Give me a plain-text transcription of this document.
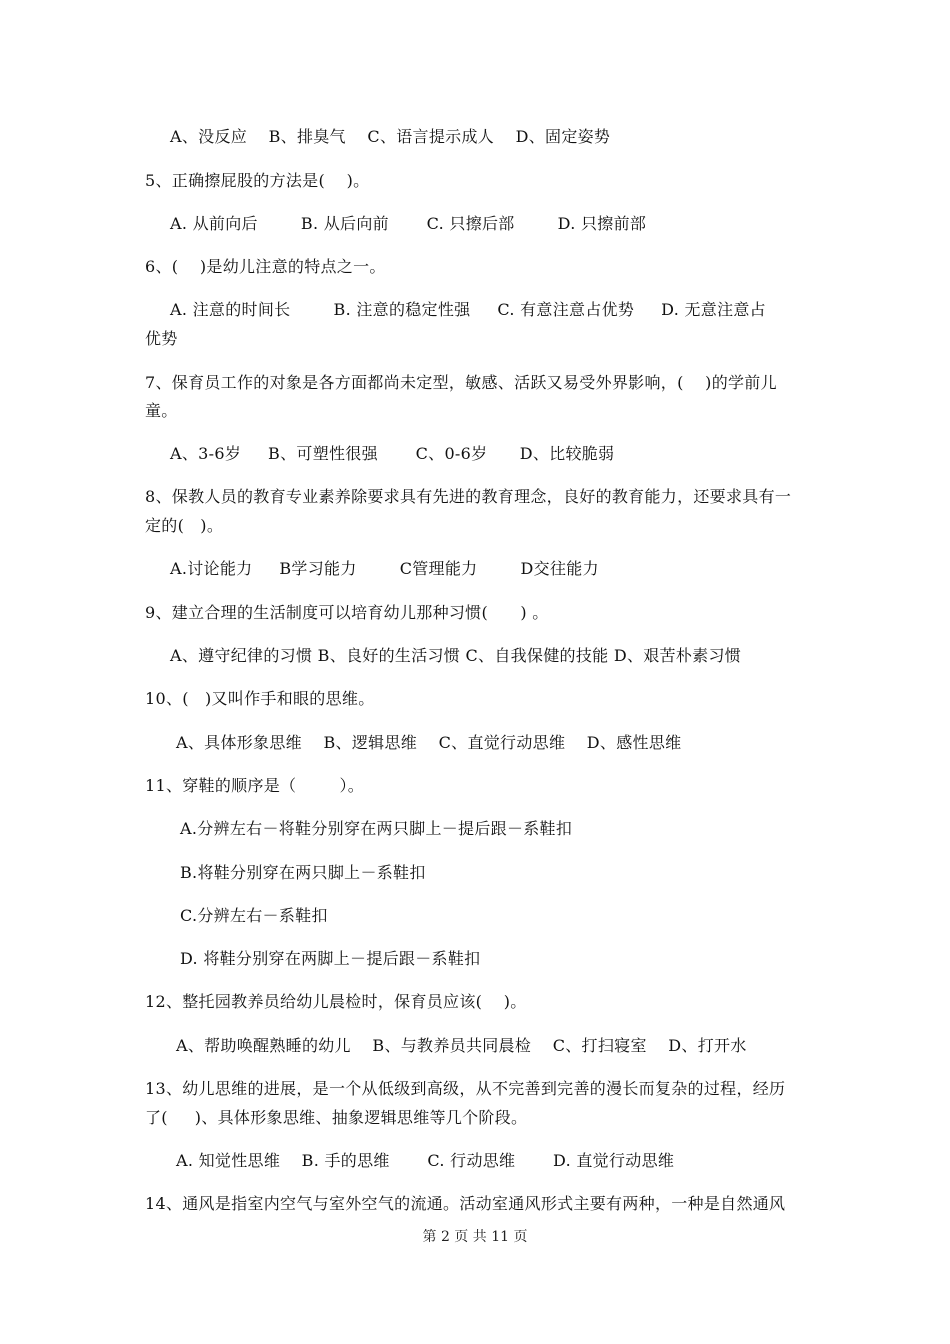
A、没反应    B、排臭气    C、语言提示成人    D、固定姿势
5、正确擦屁股的方法是(    )。
A. 从前向后        B. 从后向前       C. 只擦后部        D. 只擦前部
6、(    )是幼儿注意的特点之一。
A. 注意的时间长        B. 注意的稳定性强     C. 有意注意占优势     D. 无意注意占
优势
7、保育员工作的对象是各方面都尚未定型，敏感、活跃又易受外界影响，(    )的学前儿
童。
A、3-6岁     B、可塑性很强       C、0-6岁      D、比较脆弱
8、保教人员的教育专业素养除要求具有先进的教育理念，良好的教育能力，还要求具有一
定的(   )。
A.讨论能力     B学习能力        C管理能力        D交往能力
9、建立合理的生活制度可以培育幼儿那种习惯(      ) 。
A、遵守纪律的习惯 B、良好的生活习惯 C、自我保健的技能 D、艰苦朴素习惯
10、(   )又叫作手和眼的思维。
A、具体形象思维    B、逻辑思维    C、直觉行动思维    D、感性思维
11、穿鞋的顺序是（        ）。
A.分辨左右－将鞋分别穿在两只脚上－提后跟－系鞋扣
B.将鞋分别穿在两只脚上－系鞋扣
C.分辨左右－系鞋扣
D. 将鞋分别穿在两脚上－提后跟－系鞋扣
12、整托园教养员给幼儿晨检时，保育员应该(    )。
A、帮助唤醒熟睡的幼儿    B、与教养员共同晨检    C、打扫寝室    D、打开水
13、幼儿思维的进展，是一个从低级到高级，从不完善到完善的漫长而复杂的过程，经历
了(     )、具体形象思维、抽象逻辑思维等几个阶段。
A. 知觉性思维    B. 手的思维       C. 行动思维       D. 直觉行动思维
14、通风是指室内空气与室外空气的流通。活动室通风形式主要有两种，一种是自然通风
第 2 页 共 11 页
